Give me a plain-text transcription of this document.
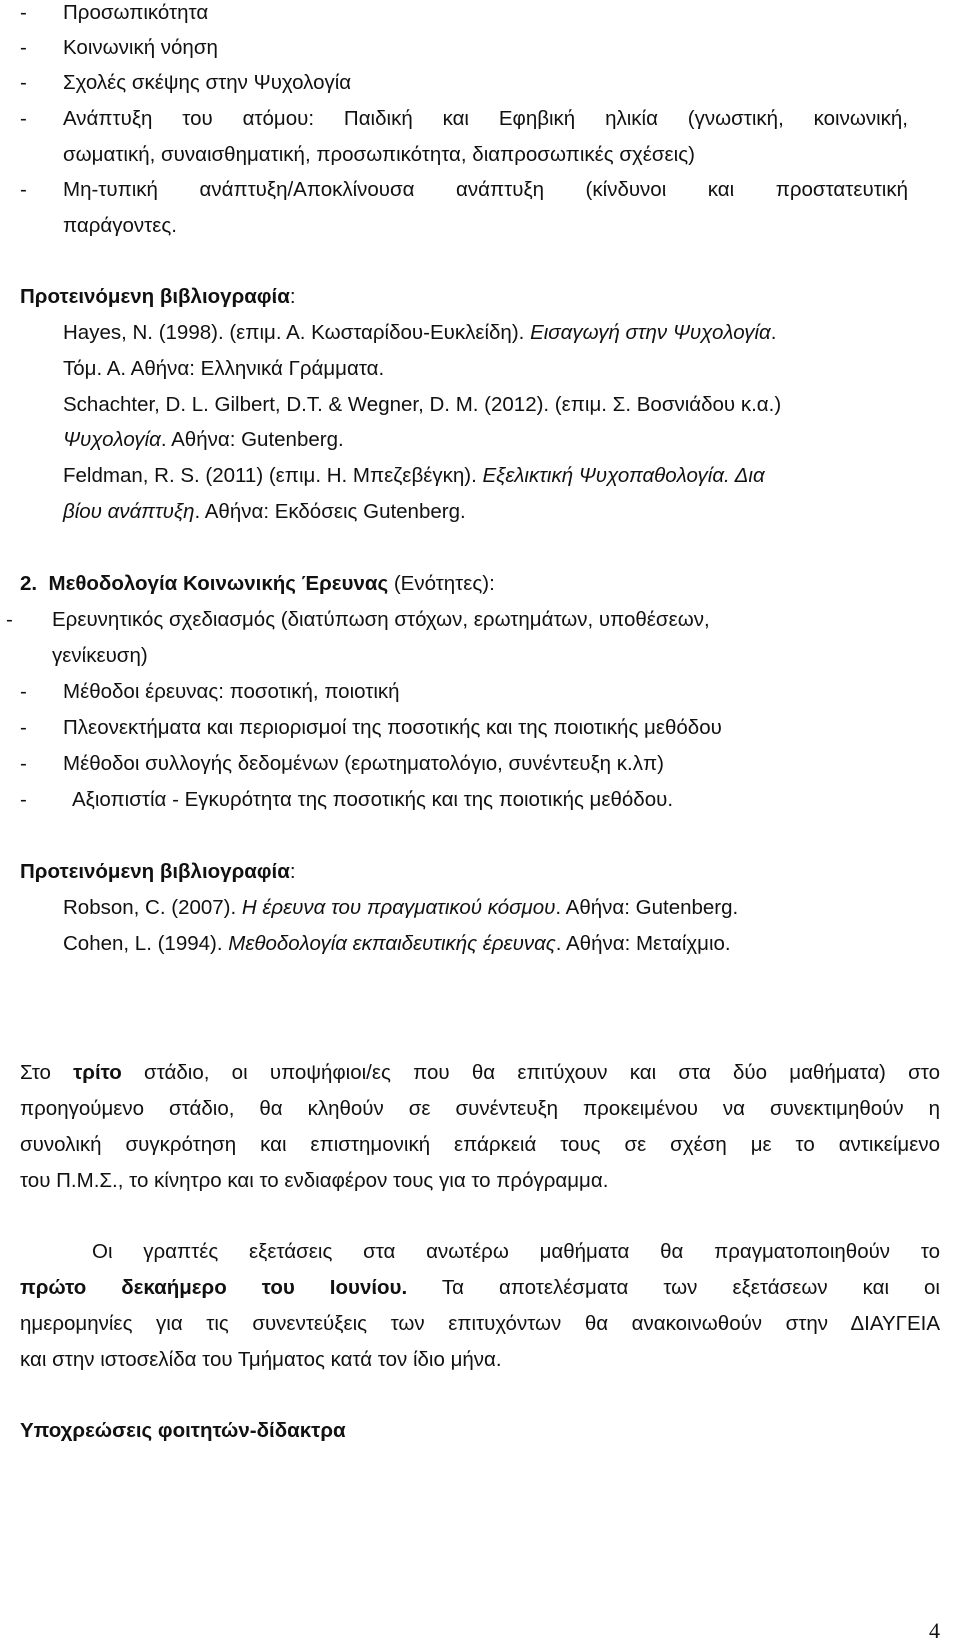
- Προσωπικότητα
- Κοινωνική νόηση
- Σχολές σκέψης στην Ψυχολογία
- Ανάπτυξη του ατόμου: Παιδική και Εφηβική ηλικία (γνωστική, κοινωνική,
σωματική, συναισθηματική, προσωπικότητα, διαπροσωπικές σχέσεις)
- Μη-τυπική ανάπτυξη/Αποκλίνουσα ανάπτυξη (κίνδυνοι και προστατευτική
παράγοντες.
Προτεινόμενη βιβλιογραφία:
Hayes, N. (1998). (επιμ. Α. Κωσταρίδου-Ευκλείδη). Εισαγωγή στην Ψυχολογία.
Τόμ. Α. Αθήνα: Ελληνικά Γράμματα.
Schachter, D. L. Gilbert, D.T. & Wegner, D. M. (2012). (επιμ. Σ. Βοσνιάδου κ.α.)
Ψυχολογία. Αθήνα: Gutenberg.
Feldman, R. S. (2011) (επιμ. Η. Μπεζεβέγκη). Εξελικτική Ψυχοπαθολογία. Δια
βίου ανάπτυξη. Αθήνα: Εκδόσεις Gutenberg.
2. Μεθοδολογία Κοινωνικής Έρευνας (Ενότητες):
- Ερευνητικός σχεδιασμός (διατύπωση στόχων, ερωτημάτων, υποθέσεων,
γενίκευση)
- Μέθοδοι έρευνας: ποσοτική, ποιοτική
- Πλεονεκτήματα και περιορισμοί της ποσοτικής και της ποιοτικής μεθόδου
- Μέθοδοι συλλογής δεδομένων (ερωτηματολόγιο, συνέντευξη κ.λπ)
- Αξιοπιστία - Εγκυρότητα της ποσοτικής και της ποιοτικής μεθόδου.
Προτεινόμενη βιβλιογραφία:
Robson, C. (2007). Η έρευνα του πραγματικού κόσμου. Αθήνα: Gutenberg.
Cohen, L. (1994). Μεθοδολογία εκπαιδευτικής έρευνας. Αθήνα: Μεταίχμιο.
Στο τρίτο στάδιο, οι υποψήφιοι/ες που θα επιτύχουν και στα δύο μαθήματα) στο
προηγούμενο στάδιο, θα κληθούν σε συνέντευξη προκειμένου να συνεκτιμηθούν η
συνολική συγκρότηση και επιστημονική επάρκειά τους σε σχέση με το αντικείμενο
του Π.Μ.Σ., το κίνητρο και το ενδιαφέρον τους για το πρόγραμμα.
Οι γραπτές εξετάσεις στα ανωτέρω μαθήματα θα πραγματοποιηθούν το
πρώτο δεκαήμερο του Ιουνίου. Τα αποτελέσματα των εξετάσεων και οι
ημερομηνίες για τις συνεντεύξεις των επιτυχόντων θα ανακοινωθούν στην ΔΙΑΥΓΕΙΑ
και στην ιστοσελίδα του Τμήματος κατά τον ίδιο μήνα.
Υποχρεώσεις φοιτητών-δίδακτρα
4
